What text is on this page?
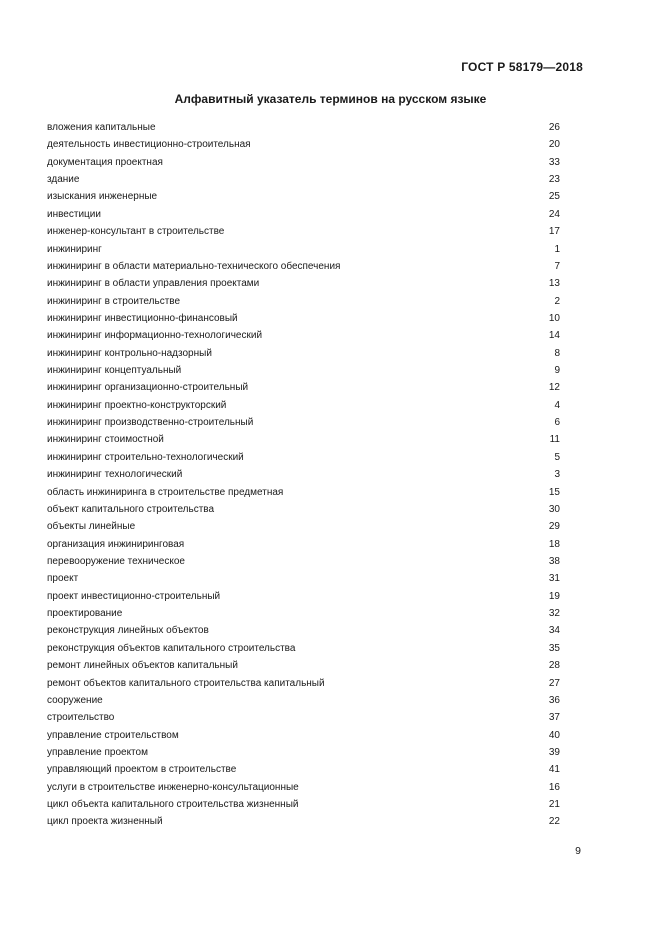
ГОСТ Р 58179—2018
Алфавитный указатель терминов на русском языке
вложения капитальные	26
деятельность инвестиционно-строительная	20
документация проектная	33
здание	23
изыскания инженерные	25
инвестиции	24
инженер-консультант в строительстве	17
инжиниринг	1
инжиниринг в области материально-технического обеспечения	7
инжиниринг в области управления проектами	13
инжиниринг в строительстве	2
инжиниринг инвестиционно-финансовый	10
инжиниринг информационно-технологический	14
инжиниринг контрольно-надзорный	8
инжиниринг концептуальный	9
инжиниринг организационно-строительный	12
инжиниринг проектно-конструкторский	4
инжиниринг производственно-строительный	6
инжиниринг стоимостной	11
инжиниринг строительно-технологический	5
инжиниринг технологический	3
область инжиниринга в строительстве предметная	15
объект капитального строительства	30
объекты линейные	29
организация инжиниринговая	18
перевооружение техническое	38
проект	31
проект инвестиционно-строительный	19
проектирование	32
реконструкция линейных объектов	34
реконструкция объектов капитального строительства	35
ремонт линейных объектов капитальный	28
ремонт объектов капитального строительства капитальный	27
сооружение	36
строительство	37
управление строительством	40
управление проектом	39
управляющий проектом в строительстве	41
услуги в строительстве инженерно-консультационные	16
цикл объекта капитального строительства жизненный	21
цикл проекта жизненный	22
9
